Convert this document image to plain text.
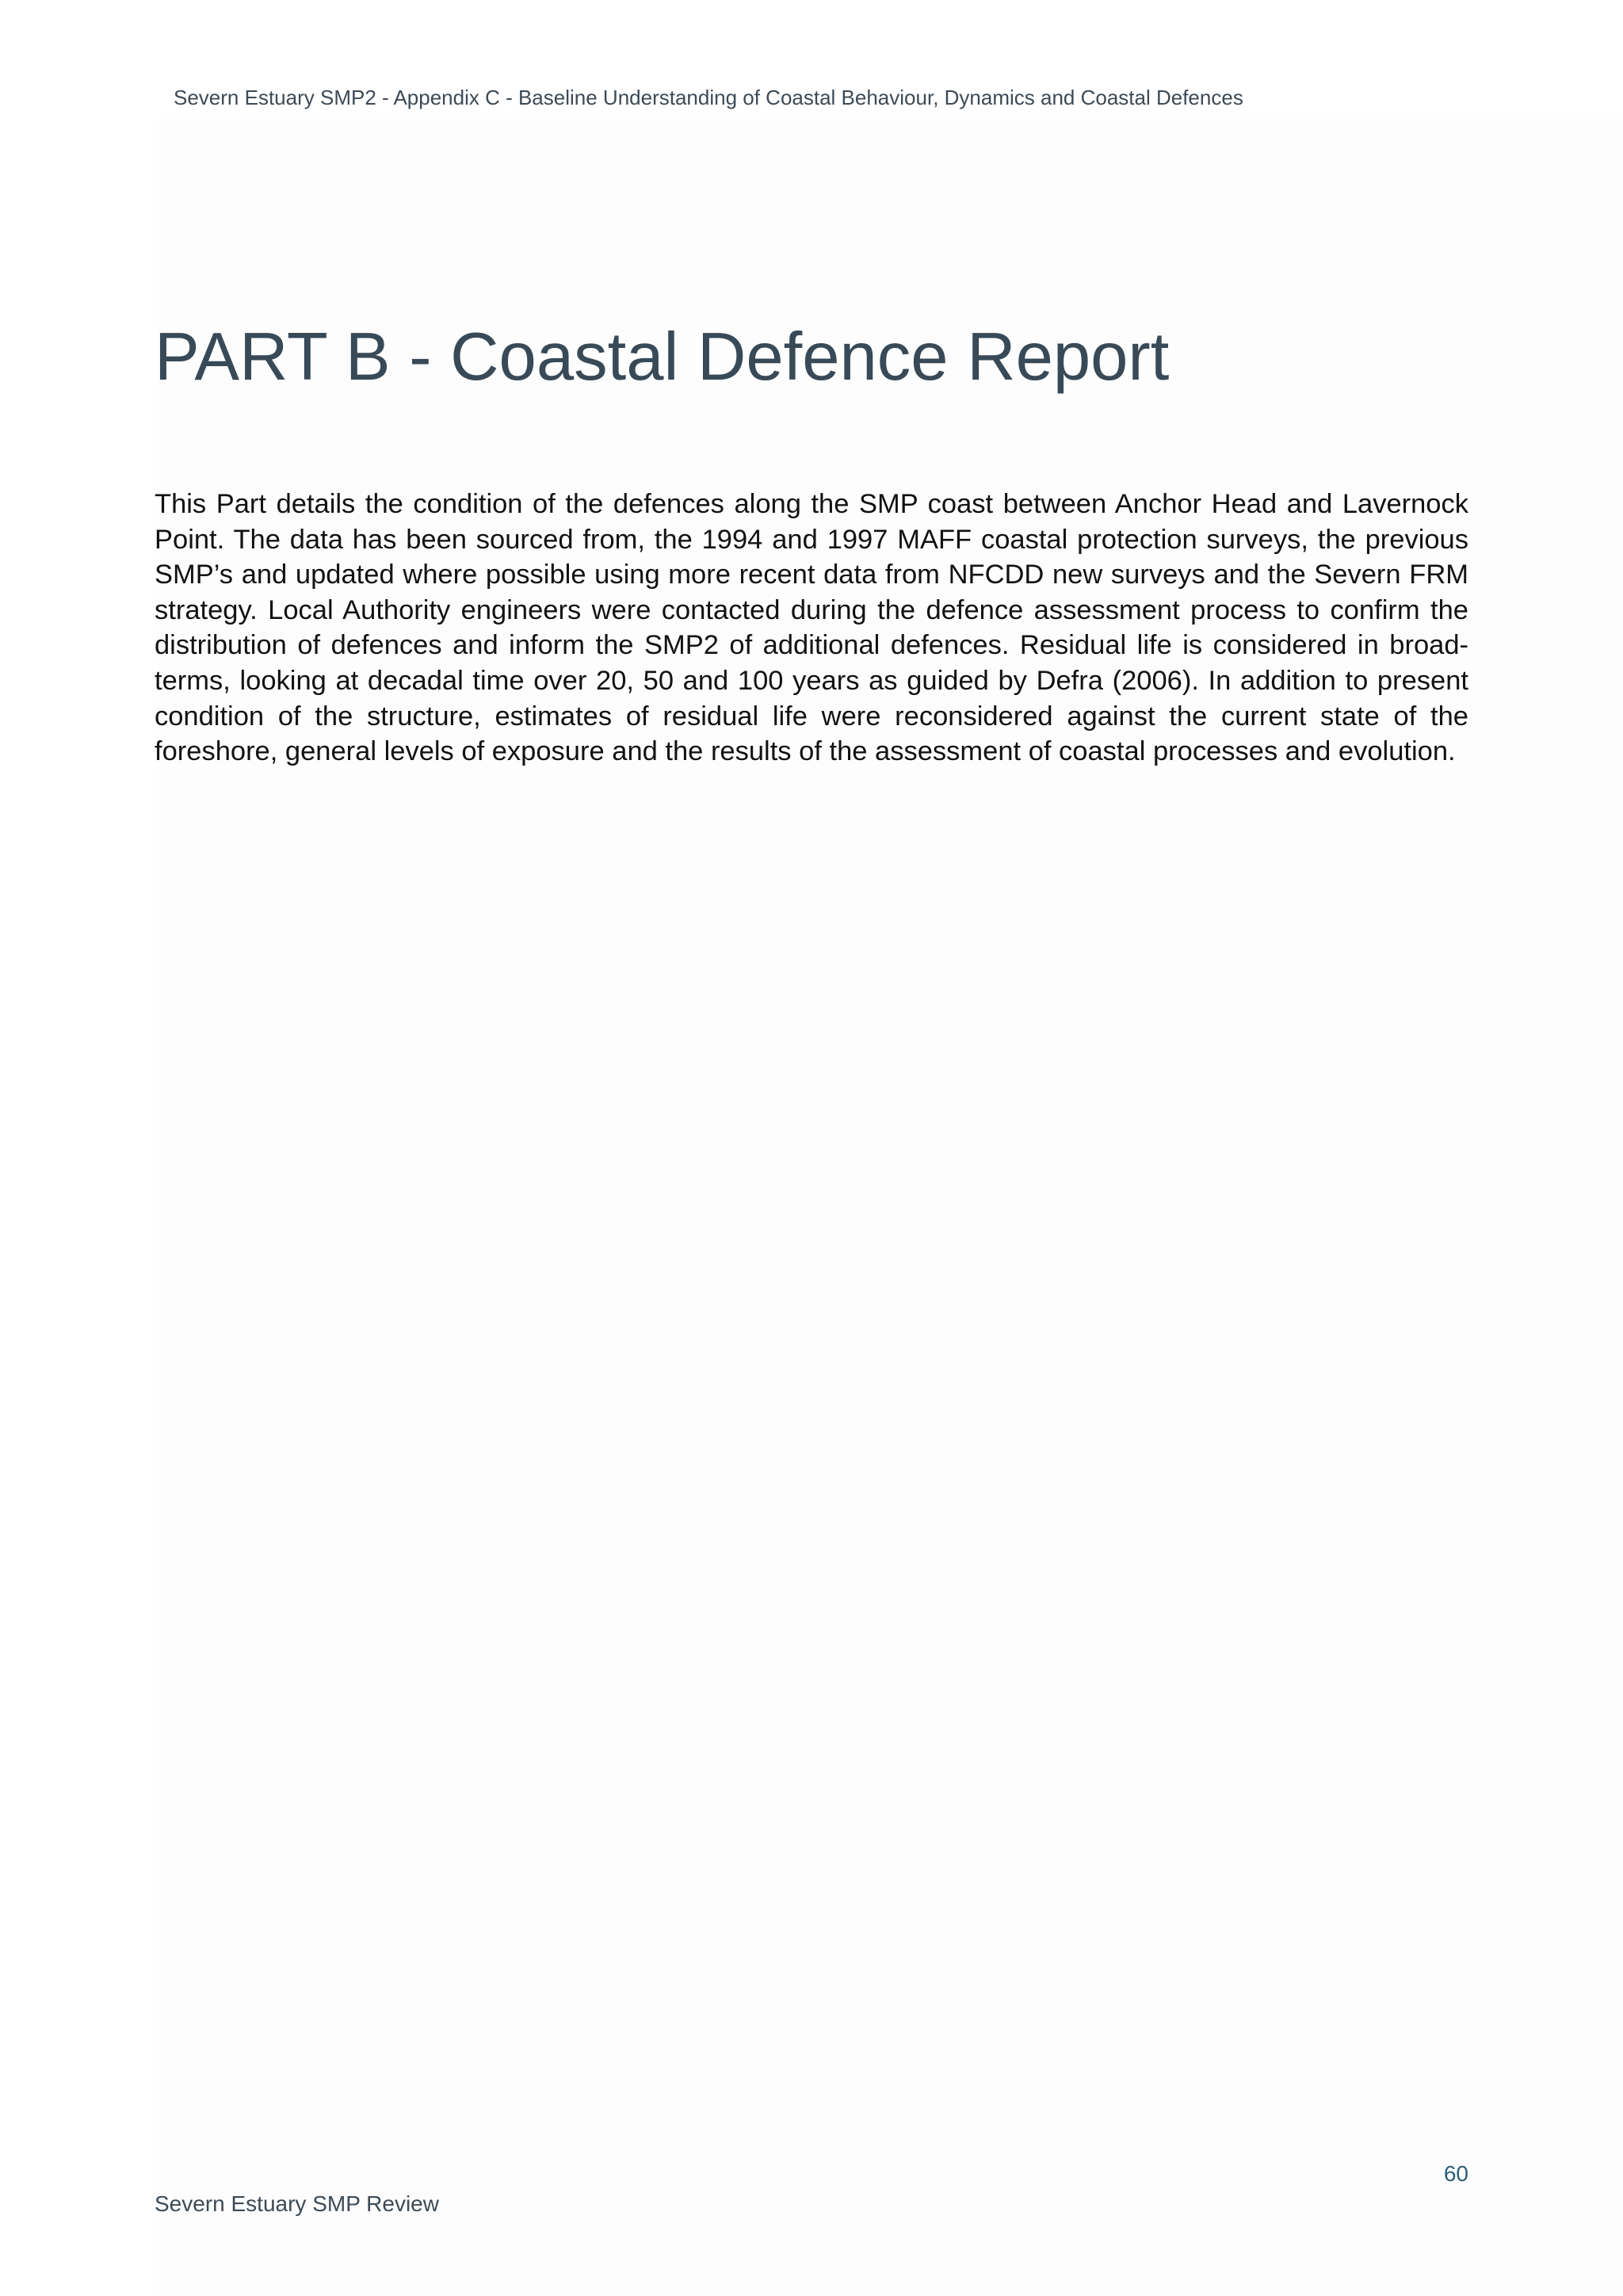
Severn Estuary SMP2 - Appendix C - Baseline Understanding of Coastal Behaviour, Dynamics and Coastal Defences
PART B - Coastal Defence Report

This Part details the condition of the defences along the SMP coast between Anchor Head and Lavernock Point. The data has been sourced from, the 1994 and 1997 MAFF coastal protection surveys, the previous SMP’s and updated where possible using more recent data from NFCDD new surveys and the Severn FRM strategy. Local Authority engineers were contacted during the defence assessment process to confirm the distribution of defences and inform the SMP2 of additional defences. Residual life is considered in broad-terms, looking at decadal time over 20, 50 and 100 years as guided by Defra (2006). In addition to present condition of the structure, estimates of residual life were reconsidered against the current state of the foreshore, general levels of exposure and the results of the assessment of coastal processes and evolution.

60
Severn Estuary SMP Review
